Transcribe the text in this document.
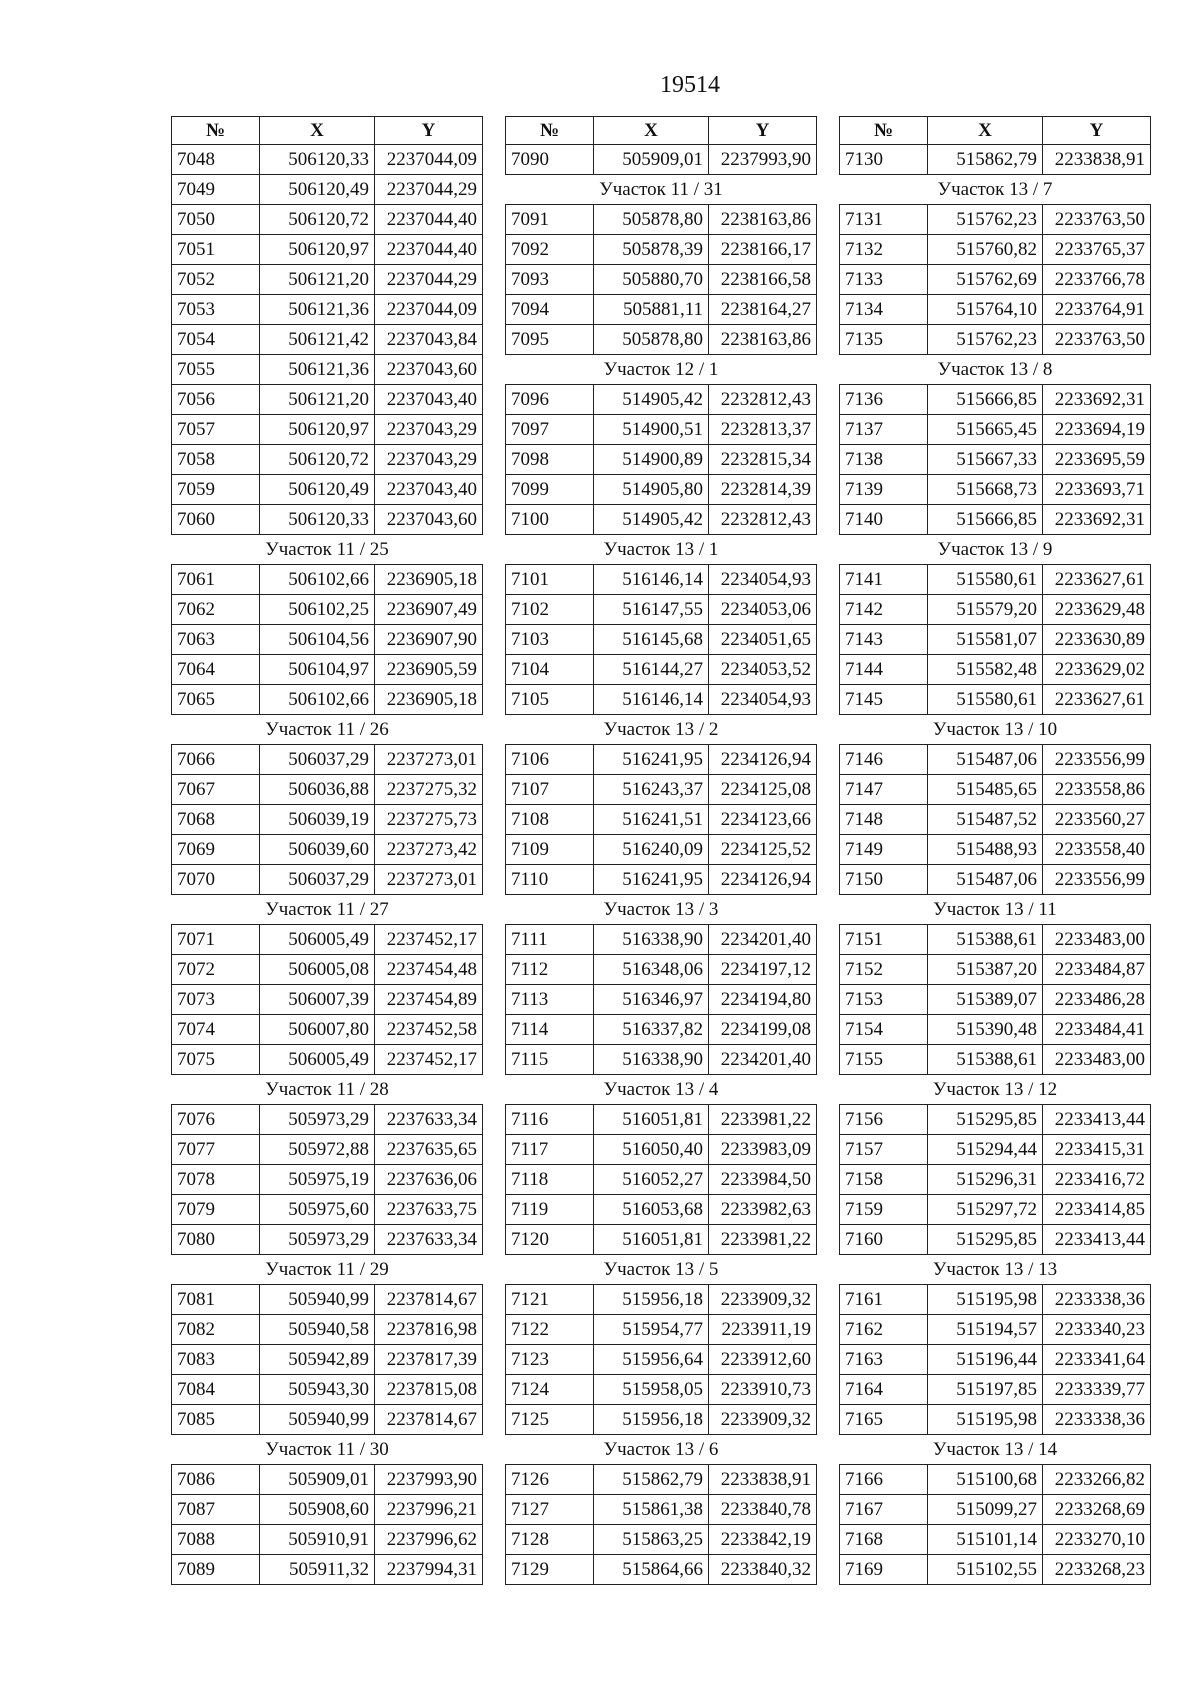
19514
№	X	Y
7048	506120,33	2237044,09
7049	506120,49	2237044,29
7050	506120,72	2237044,40
7051	506120,97	2237044,40
7052	506121,20	2237044,29
7053	506121,36	2237044,09
7054	506121,42	2237043,84
7055	506121,36	2237043,60
7056	506121,20	2237043,40
7057	506120,97	2237043,29
7058	506120,72	2237043,29
7059	506120,49	2237043,40
7060	506120,33	2237043,60
Участок 11 / 25		
7061	506102,66	2236905,18
7062	506102,25	2236907,49
7063	506104,56	2236907,90
7064	506104,97	2236905,59
7065	506102,66	2236905,18
Участок 11 / 26		
7066	506037,29	2237273,01
7067	506036,88	2237275,32
7068	506039,19	2237275,73
7069	506039,60	2237273,42
7070	506037,29	2237273,01
Участок 11 / 27		
7071	506005,49	2237452,17
7072	506005,08	2237454,48
7073	506007,39	2237454,89
7074	506007,80	2237452,58
7075	506005,49	2237452,17
Участок 11 / 28		
7076	505973,29	2237633,34
7077	505972,88	2237635,65
7078	505975,19	2237636,06
7079	505975,60	2237633,75
7080	505973,29	2237633,34
Участок 11 / 29		
7081	505940,99	2237814,67
7082	505940,58	2237816,98
7083	505942,89	2237817,39
7084	505943,30	2237815,08
7085	505940,99	2237814,67
Участок 11 / 30		
7086	505909,01	2237993,90
7087	505908,60	2237996,21
7088	505910,91	2237996,62
7089	505911,32	2237994,31
№	X	Y
7090	505909,01	2237993,90
Участок 11 / 31		
7091	505878,80	2238163,86
7092	505878,39	2238166,17
7093	505880,70	2238166,58
7094	505881,11	2238164,27
7095	505878,80	2238163,86
Участок 12 / 1		
7096	514905,42	2232812,43
7097	514900,51	2232813,37
7098	514900,89	2232815,34
7099	514905,80	2232814,39
7100	514905,42	2232812,43
Участок 13 / 1		
7101	516146,14	2234054,93
7102	516147,55	2234053,06
7103	516145,68	2234051,65
7104	516144,27	2234053,52
7105	516146,14	2234054,93
Участок 13 / 2		
7106	516241,95	2234126,94
7107	516243,37	2234125,08
7108	516241,51	2234123,66
7109	516240,09	2234125,52
7110	516241,95	2234126,94
Участок 13 / 3		
7111	516338,90	2234201,40
7112	516348,06	2234197,12
7113	516346,97	2234194,80
7114	516337,82	2234199,08
7115	516338,90	2234201,40
Участок 13 / 4		
7116	516051,81	2233981,22
7117	516050,40	2233983,09
7118	516052,27	2233984,50
7119	516053,68	2233982,63
7120	516051,81	2233981,22
Участок 13 / 5		
7121	515956,18	2233909,32
7122	515954,77	2233911,19
7123	515956,64	2233912,60
7124	515958,05	2233910,73
7125	515956,18	2233909,32
Участок 13 / 6		
7126	515862,79	2233838,91
7127	515861,38	2233840,78
7128	515863,25	2233842,19
7129	515864,66	2233840,32
№	X	Y
7130	515862,79	2233838,91
Участок 13 / 7		
7131	515762,23	2233763,50
7132	515760,82	2233765,37
7133	515762,69	2233766,78
7134	515764,10	2233764,91
7135	515762,23	2233763,50
Участок 13 / 8		
7136	515666,85	2233692,31
7137	515665,45	2233694,19
7138	515667,33	2233695,59
7139	515668,73	2233693,71
7140	515666,85	2233692,31
Участок 13 / 9		
7141	515580,61	2233627,61
7142	515579,20	2233629,48
7143	515581,07	2233630,89
7144	515582,48	2233629,02
7145	515580,61	2233627,61
Участок 13 / 10		
7146	515487,06	2233556,99
7147	515485,65	2233558,86
7148	515487,52	2233560,27
7149	515488,93	2233558,40
7150	515487,06	2233556,99
Участок 13 / 11		
7151	515388,61	2233483,00
7152	515387,20	2233484,87
7153	515389,07	2233486,28
7154	515390,48	2233484,41
7155	515388,61	2233483,00
Участок 13 / 12		
7156	515295,85	2233413,44
7157	515294,44	2233415,31
7158	515296,31	2233416,72
7159	515297,72	2233414,85
7160	515295,85	2233413,44
Участок 13 / 13		
7161	515195,98	2233338,36
7162	515194,57	2233340,23
7163	515196,44	2233341,64
7164	515197,85	2233339,77
7165	515195,98	2233338,36
Участок 13 / 14		
7166	515100,68	2233266,82
7167	515099,27	2233268,69
7168	515101,14	2233270,10
7169	515102,55	2233268,23
